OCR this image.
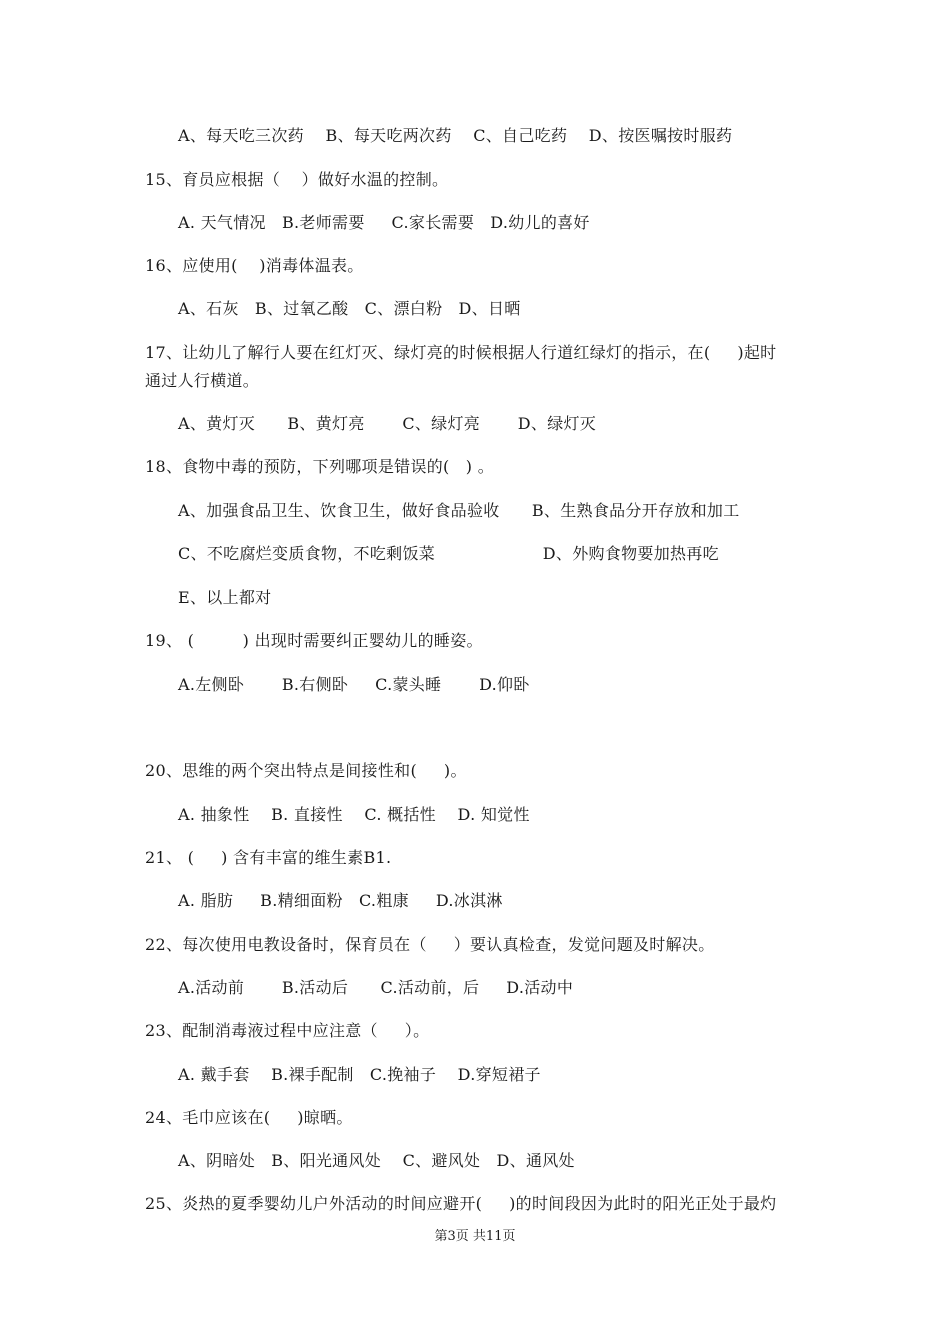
A、每天吃三次药    B、每天吃两次药    C、自己吃药    D、按医嘱按时服药
15、育员应根据（    ）做好水温的控制。
A. 天气情况   B.老师需要     C.家长需要   D.幼儿的喜好
16、应使用(    )消毒体温表。
A、石灰   B、过氧乙酸   C、漂白粉   D、日晒
17、让幼儿了解行人要在红灯灭、绿灯亮的时候根据人行道红绿灯的指示，在(     )起时
通过人行横道。
A、黄灯灭      B、黄灯亮       C、绿灯亮       D、绿灯灭
18、食物中毒的预防，下列哪项是错误的(   ) 。
A、加强食品卫生、饮食卫生，做好食品验收      B、生熟食品分开存放和加工
C、不吃腐烂变质食物，不吃剩饭菜                    D、外购食物要加热再吃
E、以上都对
19、 (         ) 出现时需要纠正婴幼儿的睡姿。
A.左侧卧       B.右侧卧     C.蒙头睡       D.仰卧
20、思维的两个突出特点是间接性和(     )。
A. 抽象性    B. 直接性    C. 概括性    D. 知觉性
21、 (     ) 含有丰富的维生素B1.
A. 脂肪     B.精细面粉   C.粗康     D.冰淇淋
22、每次使用电教设备时，保育员在（     ）要认真检查，发觉问题及时解决。
A.活动前       B.活动后      C.活动前，后     D.活动中
23、配制消毒液过程中应注意（     ）。
A. 戴手套    B.裸手配制   C.挽袖子    D.穿短裙子
24、毛巾应该在(     )晾晒。
A、阴暗处   B、阳光通风处    C、避风处   D、通风处
25、炎热的夏季婴幼儿户外活动的时间应避开(     )的时间段因为此时的阳光正处于最灼
第3页 共11页
